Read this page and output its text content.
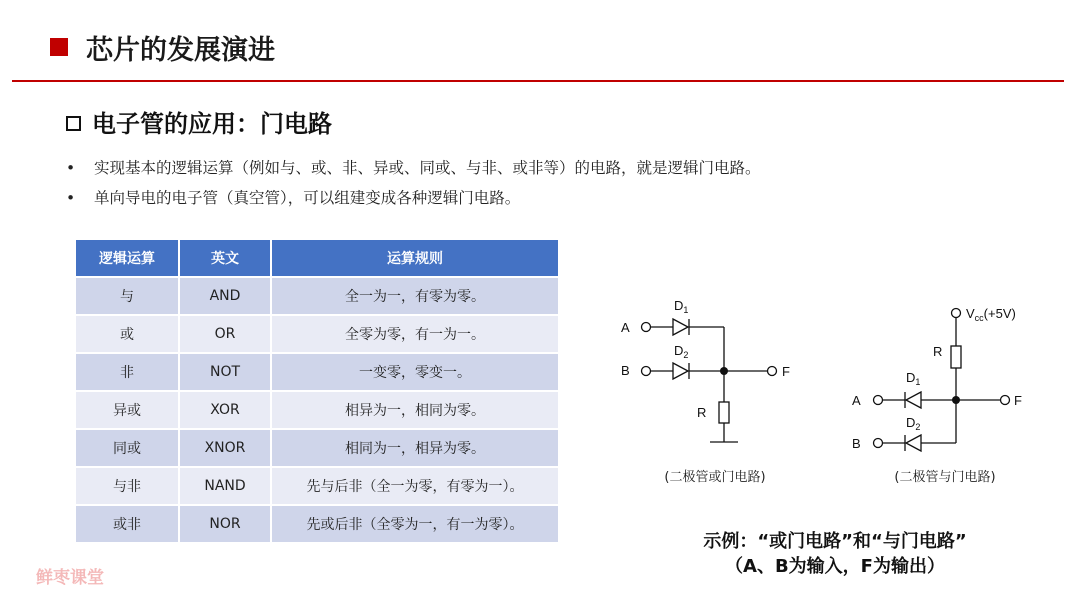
芯片的发展演进
电子管的应用：门电路
• 实现基本的逻辑运算（例如与、或、非、异或、同或、与非、或非等）的电路，就是逻辑门电路。
• 单向导电的电子管（真空管），可以组建变成各种逻辑门电路。
逻辑运算	英文	运算规则
与	AND	全一为一，有零为零。
或	OR	全零为零，有一为一。
非	NOT	一变零，零变一。
异或	XOR	相异为一，相同为零。
同或	XNOR	相同为一，相异为零。
与非	NAND	先与后非（全一为零，有零为一）。
或非	NOR	先或后非（全零为一，有一为零）。
A
B	F
$D_1$
$D_2$
R
$V_{cc}(+5V)$
R
$D_1$
$D_2$
A
B
F
(二极管或门电路)	(二极管与门电路)
示例：“或门电路”和“与门电路”
（A、B为输入，F为输出）
鲜枣课堂
